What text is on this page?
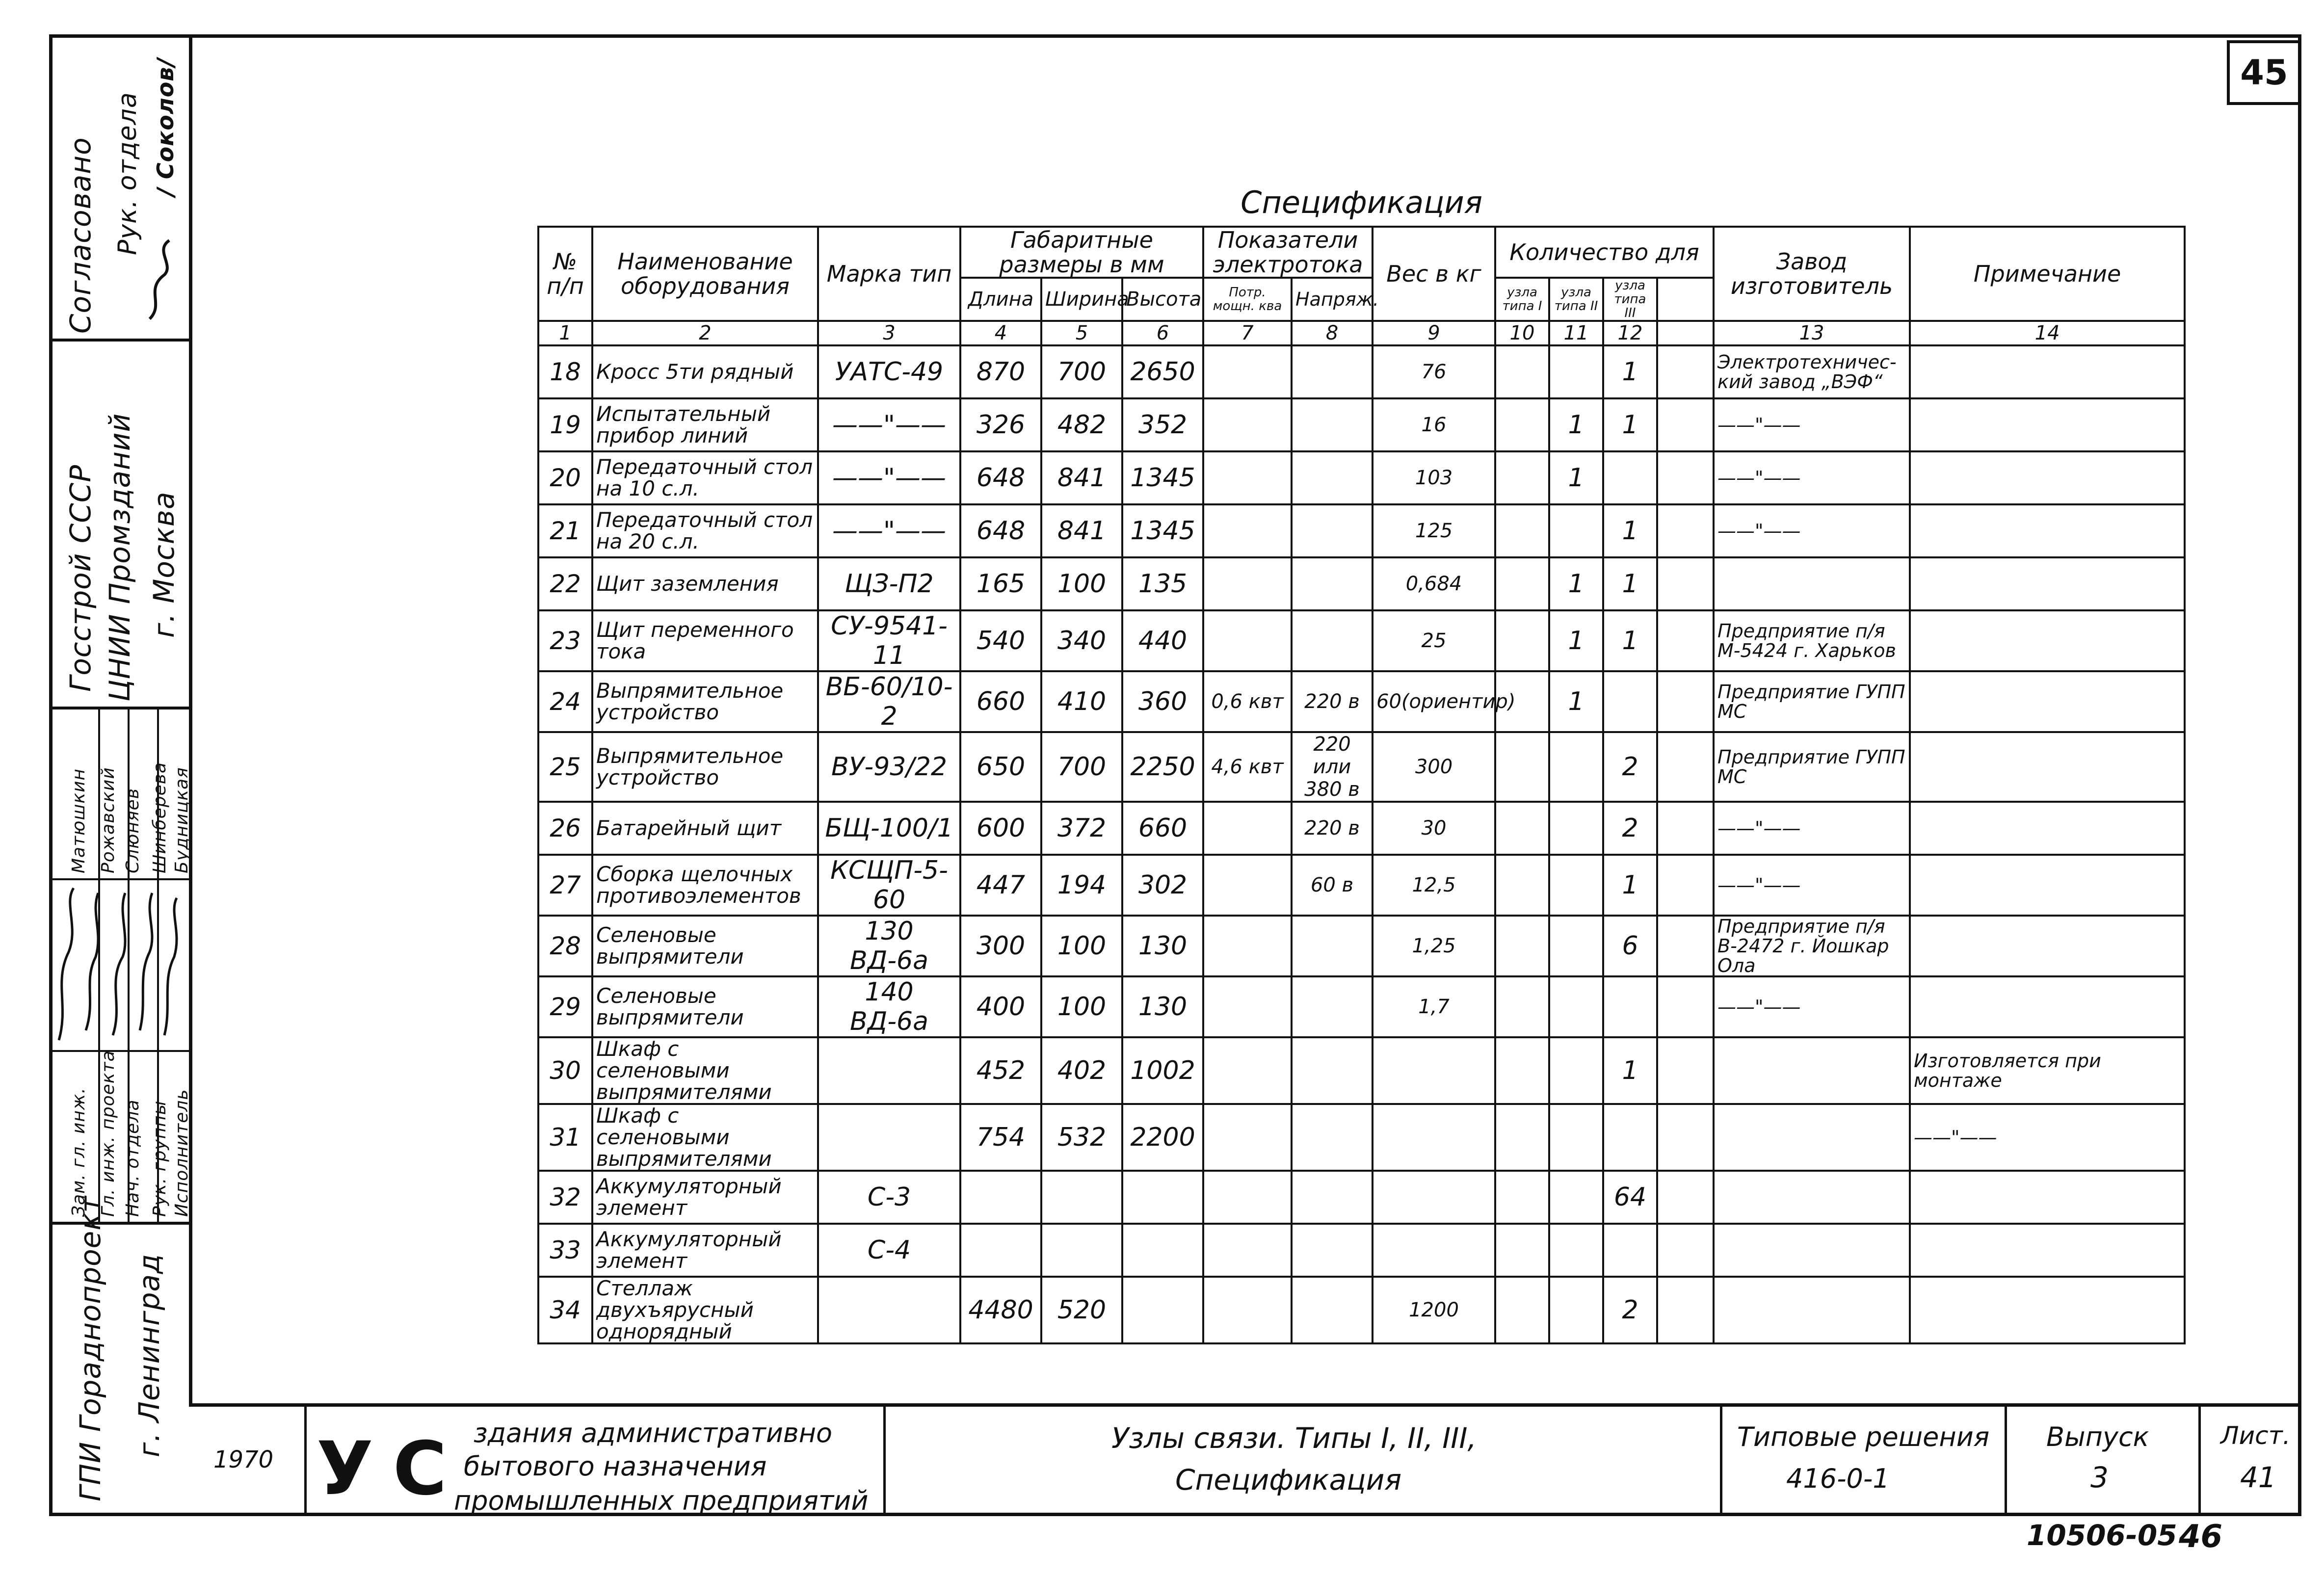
45
Согласовано Рук. отдела / Соколов/
Госстрой СССР ЦНИИ Промзданий г. Москва
Зам. гл. инж. Гл. инж. проекта Нач. отдела Рук. группы Исполнитель
Матюшкин Рожавский Слюняев Шинберева Будницкая
ГПИ Гораднопроект г. Ленинград
Спецификация														
№ п/п	Наименование оборудования	Марка тип	Габаритные размеры в мм			Показатели электротока		Вес в кг	Количество для				Завод изготовитель	Примечание
			Длина	Ширина	Высота	Потр. мощн. ква	Напряж.		узла типа I	узла типа II	узла типа III			
1	2	3	4	5	6	7	8	9	10	11	12		13	14
18	Кросс 5ти рядный	УАТС-49	870	700	2650			76			1		Электротехничес-кий завод „ВЭФ“	
19	Испытательный прибор линий	——"——	326	482	352			16		1	1		——"——	
20	Передаточный стол на 10 с.л.	——"——	648	841	1345			103		1			——"——	
21	Передаточный стол на 20 с.л.	——"——	648	841	1345			125			1		——"——	
22	Щит заземления	ЩЗ-П2	165	100	135			0,684		1	1			
23	Щит переменного тока	СУ-9541-11	540	340	440			25		1	1		Предприятие п/я М-5424 г. Харьков	
24	Выпрямительное устройство	ВБ-60/10-2	660	410	360	0,6 квт	220 в	60(ориентир)		1			Предприятие ГУПП МС	
25	Выпрямительное устройство	ВУ-93/22	650	700	2250	4,6 квт	220 или 380 в	300			2		Предприятие ГУПП МС	
26	Батарейный щит	БЩ-100/1	600	372	660		220 в	30			2		——"——	
27	Сборка щелочных противоэлементов	КСЩП-5-60	447	194	302		60 в	12,5			1		——"——	
28	Селеновые выпрямители	130 ВД-6а	300	100	130			1,25			6		Предприятие п/я В-2472 г. Йошкар Ола	
29	Селеновые выпрямители	140 ВД-6а	400	100	130			1,7					——"——	
30	Шкаф с селеновыми выпрямителями		452	402	1002						1			Изготовляется при монтаже
31	Шкаф с селеновыми выпрямителями		754	532	2200									——"——
32	Аккумуляторный элемент	С-3									64			
33	Аккумуляторный элемент	С-4												
34	Стеллаж двухъярусный одноpядный		4480	520				1200			2			
1970 УС здания административно
бытового назначения
промышленных предприятий
Узлы связи. Типы I, II, III,
Спецификация
Типовые решения
416-0-1
Выпуск
3
Лист.
41
10506-05 46
